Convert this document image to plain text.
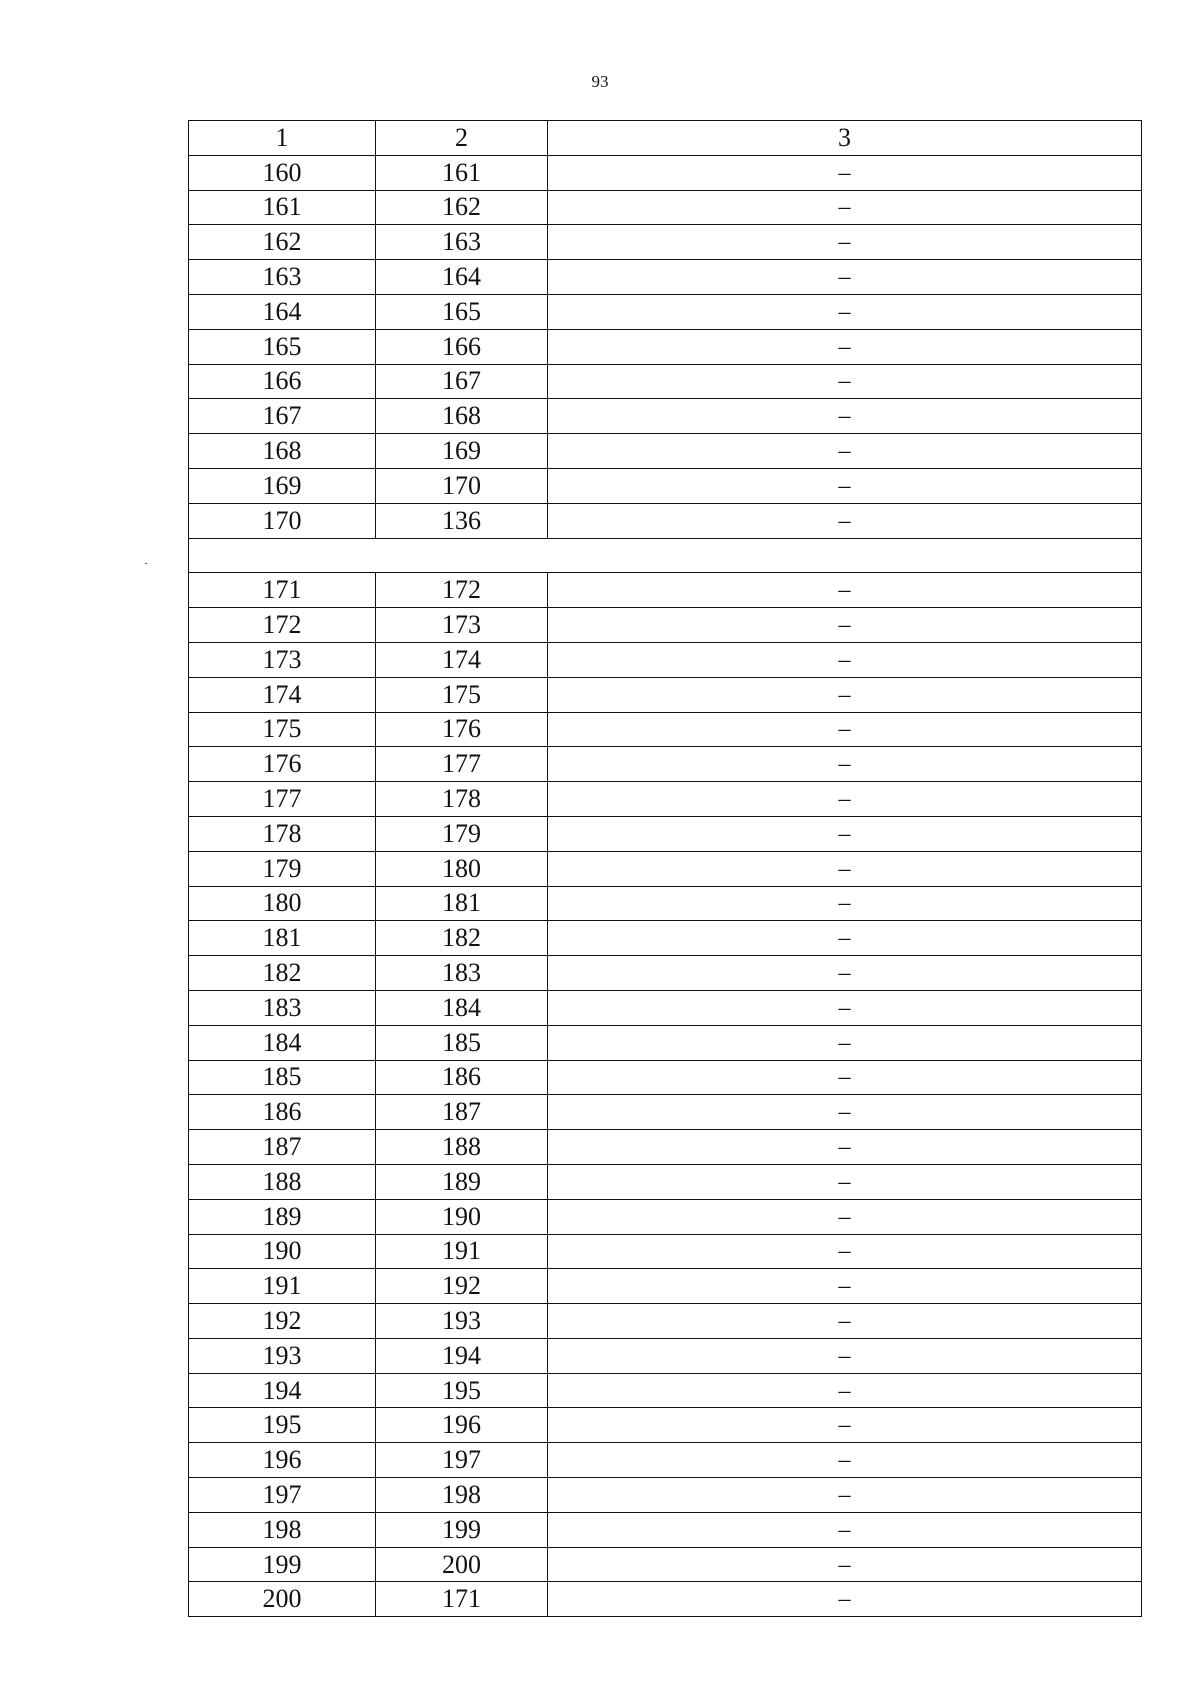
93
1	2	3
160	161	–
161	162	–
162	163	–
163	164	–
164	165	–
165	166	–
166	167	–
167	168	–
168	169	–
169	170	–
170	136	–

171	172	–
172	173	–
173	174	–
174	175	–
175	176	–
176	177	–
177	178	–
178	179	–
179	180	–
180	181	–
181	182	–
182	183	–
183	184	–
184	185	–
185	186	–
186	187	–
187	188	–
188	189	–
189	190	–
190	191	–
191	192	–
192	193	–
193	194	–
194	195	–
195	196	–
196	197	–
197	198	–
198	199	–
199	200	–
200	171	–
